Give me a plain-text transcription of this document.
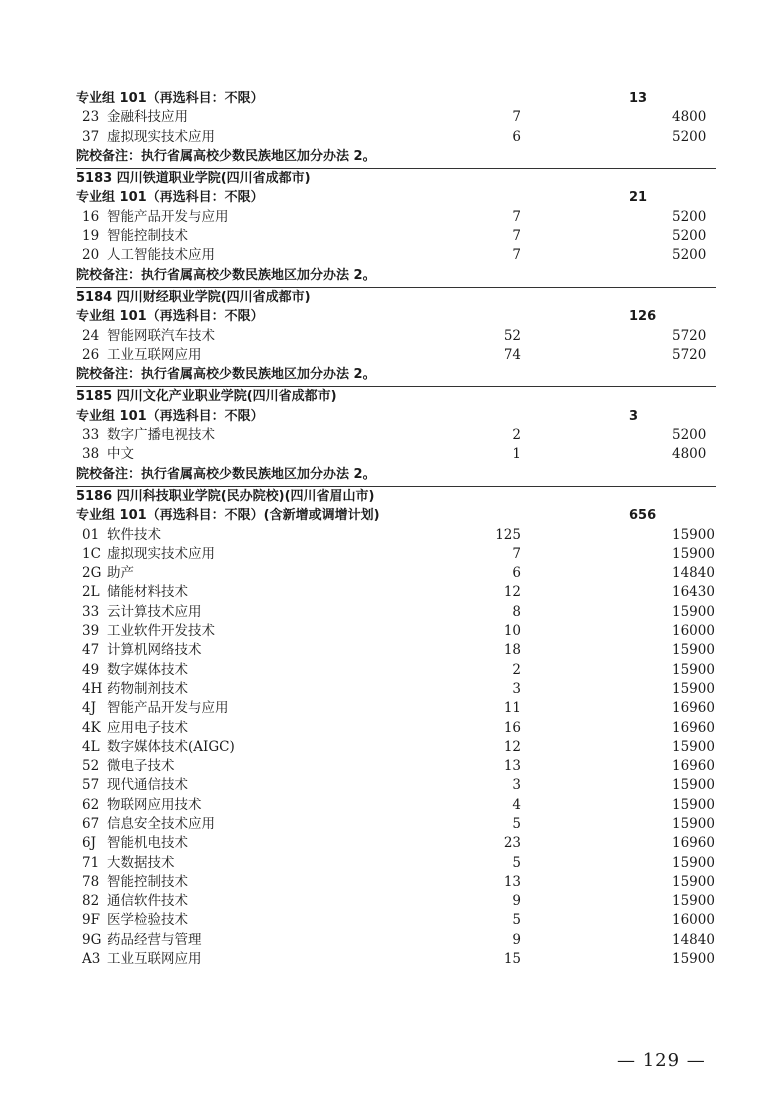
专业组 101（再选科目：不限）	13
23 金融科技应用	7	4800
37 虚拟现实技术应用	6	5200
院校备注：执行省属高校少数民族地区加分办法 2。
5183 四川铁道职业学院(四川省成都市)
专业组 101（再选科目：不限）	21
16 智能产品开发与应用	7	5200
19 智能控制技术	7	5200
20 人工智能技术应用	7	5200
院校备注：执行省属高校少数民族地区加分办法 2。
5184 四川财经职业学院(四川省成都市)
专业组 101（再选科目：不限）	126
24 智能网联汽车技术	52	5720
26 工业互联网应用	74	5720
院校备注：执行省属高校少数民族地区加分办法 2。
5185 四川文化产业职业学院(四川省成都市)
专业组 101（再选科目：不限）	3
33 数字广播电视技术	2	5200
38 中文	1	4800
院校备注：执行省属高校少数民族地区加分办法 2。
5186 四川科技职业学院(民办院校)(四川省眉山市)
专业组 101（再选科目：不限）(含新增或调增计划)	656
01 软件技术	125	15900
1C 虚拟现实技术应用	7	15900
2G 助产	6	14840
2L 储能材料技术	12	16430
33 云计算技术应用	8	15900
39 工业软件开发技术	10	16000
47 计算机网络技术	18	15900
49 数字媒体技术	2	15900
4H 药物制剂技术	3	15900
4J 智能产品开发与应用	11	16960
4K 应用电子技术	16	16960
4L 数字媒体技术(AIGC)	12	15900
52 微电子技术	13	16960
57 现代通信技术	3	15900
62 物联网应用技术	4	15900
67 信息安全技术应用	5	15900
6J 智能机电技术	23	16960
71 大数据技术	5	15900
78 智能控制技术	13	15900
82 通信软件技术	9	15900
9F 医学检验技术	5	16000
9G 药品经营与管理	9	14840
A3 工业互联网应用	15	15900
— 129 —
